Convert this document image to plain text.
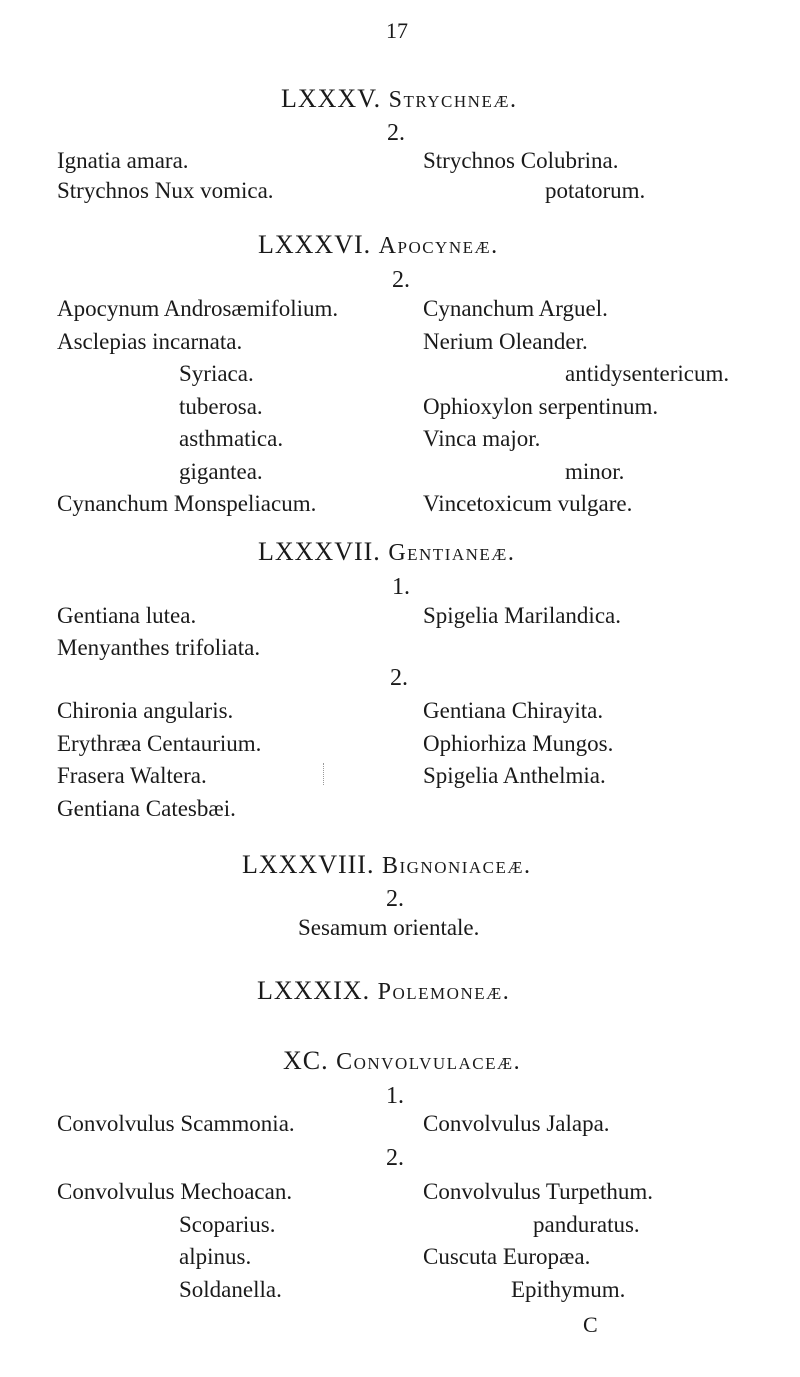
17
LXXXV. Strychneæ.
2.
Ignatia amara.
Strychnos Nux vomica.
Strychnos Colubrina.
potatorum.
LXXXVI. Apocyneæ.
2.
Apocynum Androsæmifolium.
Asclepias incarnata.
Syriaca.
tuberosa.
asthmatica.
gigantea.
Cynanchum Monspeliacum.
Cynanchum Arguel.
Nerium Oleander.
antidysentericum.
Ophioxylon serpentinum.
Vinca major.
minor.
Vincetoxicum vulgare.
LXXXVII. Gentianeæ.
1.
Gentiana lutea.
Menyanthes trifoliata.
Spigelia Marilandica.
2.
Chironia angularis.
Erythræa Centaurium.
Frasera Waltera.
Gentiana Catesbæi.
Gentiana Chirayita.
Ophiorhiza Mungos.
Spigelia Anthelmia.
LXXXVIII. Bignoniaceæ.
2.
Sesamum orientale.
LXXXIX. Polemoneæ.
XC. Convolvulaceæ.
1.
Convolvulus Scammonia.	Convolvulus Jalapa.
2.
Convolvulus Mechoacan.
Scoparius.
alpinus.
Soldanella.
Convolvulus Turpethum.
panduratus.
Cuscuta Europæa.
Epithymum.
C
